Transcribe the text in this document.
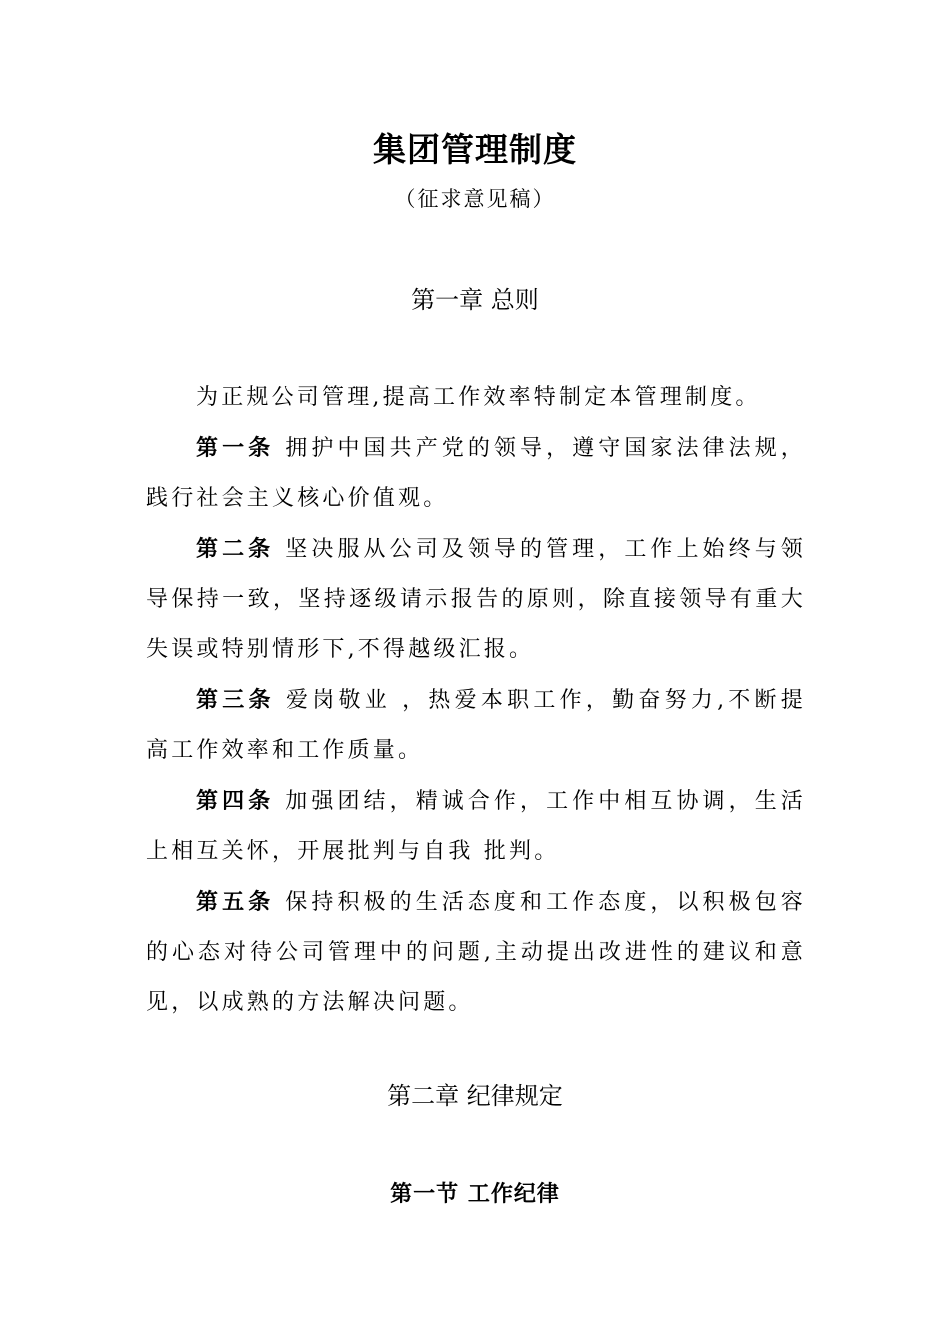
集团管理制度
（征求意见稿）
第一章 总则

为正规公司管理,提高工作效率特制定本管理制度。

第一条 拥护中国共产党的领导，遵守国家法律法规，践行社会主义核心价值观。

第二条 坚决服从公司及领导的管理，工作上始终与领导保持一致，坚持逐级请示报告的原则，除直接领导有重大失误或特别情形下,不得越级汇报。

第三条 爱岗敬业 ，热爱本职工作，勤奋努力,不断提高工作效率和工作质量。

第四条 加强团结，精诚合作，工作中相互协调，生活上相互关怀，开展批判与自我 批判。

第五条 保持积极的生活态度和工作态度，以积极包容的心态对待公司管理中的问题,主动提出改进性的建议和意见，以成熟的方法解决问题。

第二章 纪律规定
第一节 工作纪律
